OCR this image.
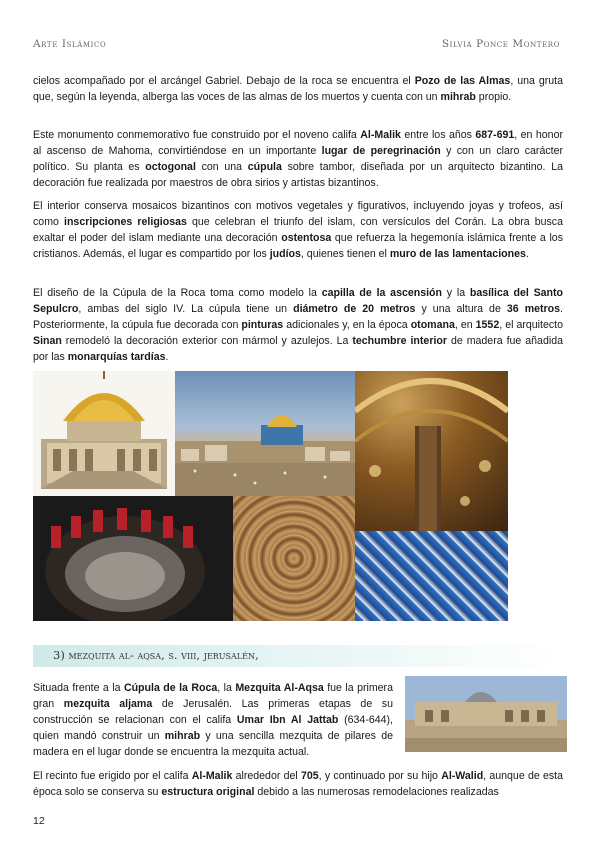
Arte Islámico	Silvia Ponce Montero

cielos acompañado por el arcángel Gabriel. Debajo de la roca se encuentra el Pozo de las Almas, una gruta que, según la leyenda, alberga las voces de las almas de los muertos y cuenta con un mihrab propio.

Este monumento conmemorativo fue construido por el noveno califa Al-Malik entre los años 687-691, en honor al ascenso de Mahoma, convirtiéndose en un importante lugar de peregrinación y con un claro carácter político. Su planta es octogonal con una cúpula sobre tambor, diseñada por un arquitecto bizantino. La decoración fue realizada por maestros de obra sirios y artistas bizantinos.

El interior conserva mosaicos bizantinos con motivos vegetales y figurativos, incluyendo joyas y trofeos, así como inscripciones religiosas que celebran el triunfo del islam, con versículos del Corán. La obra busca exaltar el poder del islam mediante una decoración ostentosa que refuerza la hegemonía islámica frente a los cristianos. Además, el lugar es compartido por los judíos, quienes tienen el muro de las lamentaciones.

El diseño de la Cúpula de la Roca toma como modelo la capilla de la ascensión y la basílica del Santo Sepulcro, ambas del siglo IV. La cúpula tiene un diámetro de 20 metros y una altura de 36 metros. Posteriormente, la cúpula fue decorada con pinturas adicionales y, en la época otomana, en 1552, el arquitecto Sinan remodeló la decoración exterior con mármol y azulejos. La techumbre interior de madera fue añadida por las monarquías tardías.

3) mezquita al- aqsa, s. viii, jerusalén,

Situada frente a la Cúpula de la Roca, la Mezquita Al-Aqsa fue la primera gran mezquita aljama de Jerusalén. Las primeras etapas de su construcción se relacionan con el califa Umar Ibn Al Jattab (634-644), quien mandó construir un mihrab y una sencilla mezquita de pilares de madera en el lugar donde se encuentra la mezquita actual.

El recinto fue erigido por el califa Al-Malik alrededor del 705, y continuado por su hijo Al-Walid, aunque de esta época solo se conserva su estructura original debido a las numerosas remodelaciones realizadas

12
